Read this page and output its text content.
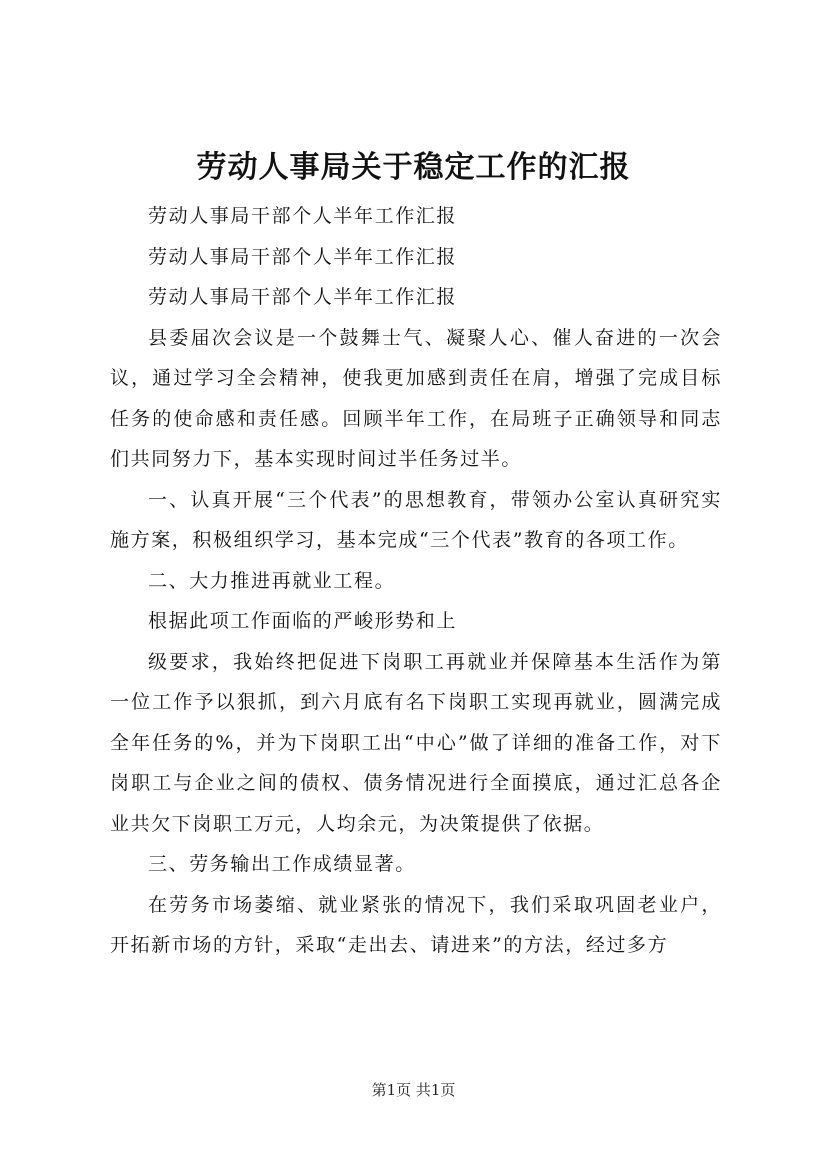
劳动人事局关于稳定工作的汇报

劳动人事局干部个人半年工作汇报

劳动人事局干部个人半年工作汇报

劳动人事局干部个人半年工作汇报

县委届次会议是一个鼓舞士气、凝聚人心、催人奋进的一次会议，通过学习全会精神，使我更加感到责任在肩，增强了完成目标任务的使命感和责任感。回顾半年工作，在局班子正确领导和同志们共同努力下，基本实现时间过半任务过半。

一、认真开展“三个代表”的思想教育，带领办公室认真研究实施方案，积极组织学习，基本完成“三个代表”教育的各项工作。

二、大力推进再就业工程。

根据此项工作面临的严峻形势和上

级要求，我始终把促进下岗职工再就业并保障基本生活作为第一位工作予以狠抓，到六月底有名下岗职工实现再就业，圆满完成全年任务的%，并为下岗职工出“中心”做了详细的准备工作，对下岗职工与企业之间的债权、债务情况进行全面摸底，通过汇总各企业共欠下岗职工万元，人均余元，为决策提供了依据。

三、劳务输出工作成绩显著。

在劳务市场萎缩、就业紧张的情况下，我们采取巩固老业户，开拓新市场的方针，采取“走出去、请进来”的方法，经过多方

第1页 共1页
